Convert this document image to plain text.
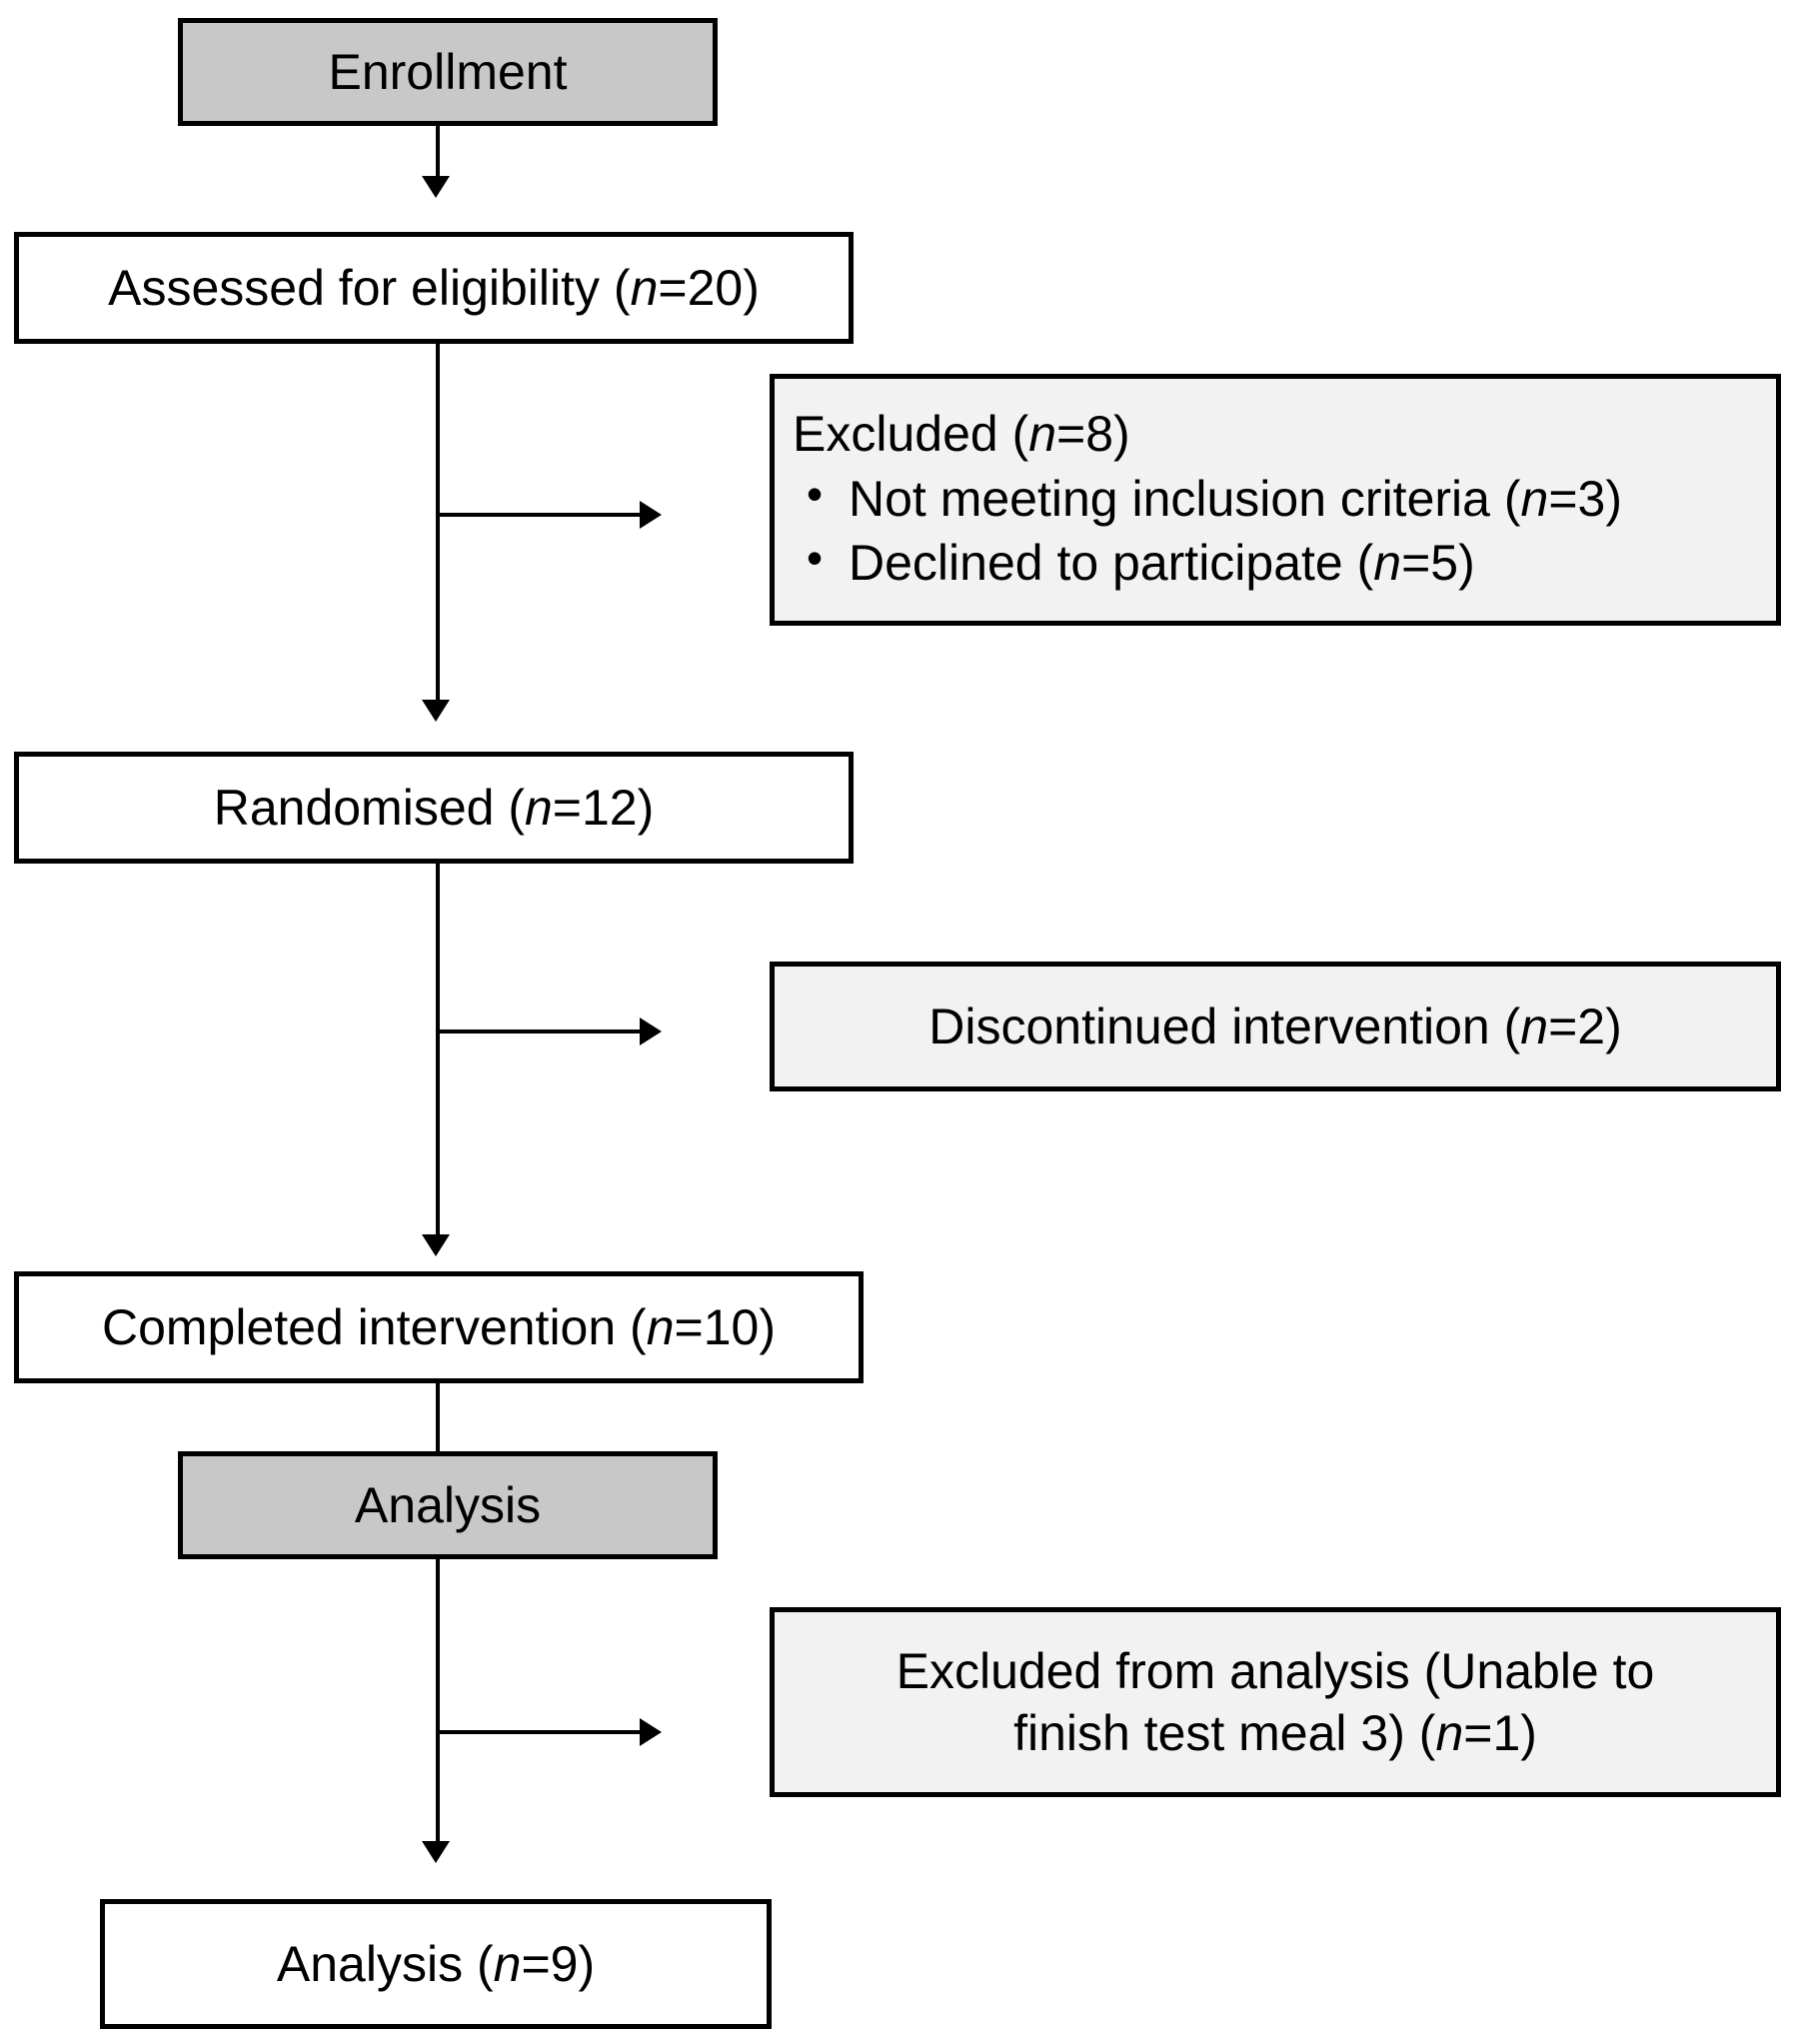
Enrollment
Assessed for eligibility (n=20)
Excluded (n=8)
• Not meeting inclusion criteria (n=3)
• Declined to participate (n=5)
Randomised (n=12)
Discontinued intervention (n=2)
Completed intervention (n=10)
Analysis
Excluded from analysis (Unable to
finish test meal 3) (n=1)
Analysis (n=9)
